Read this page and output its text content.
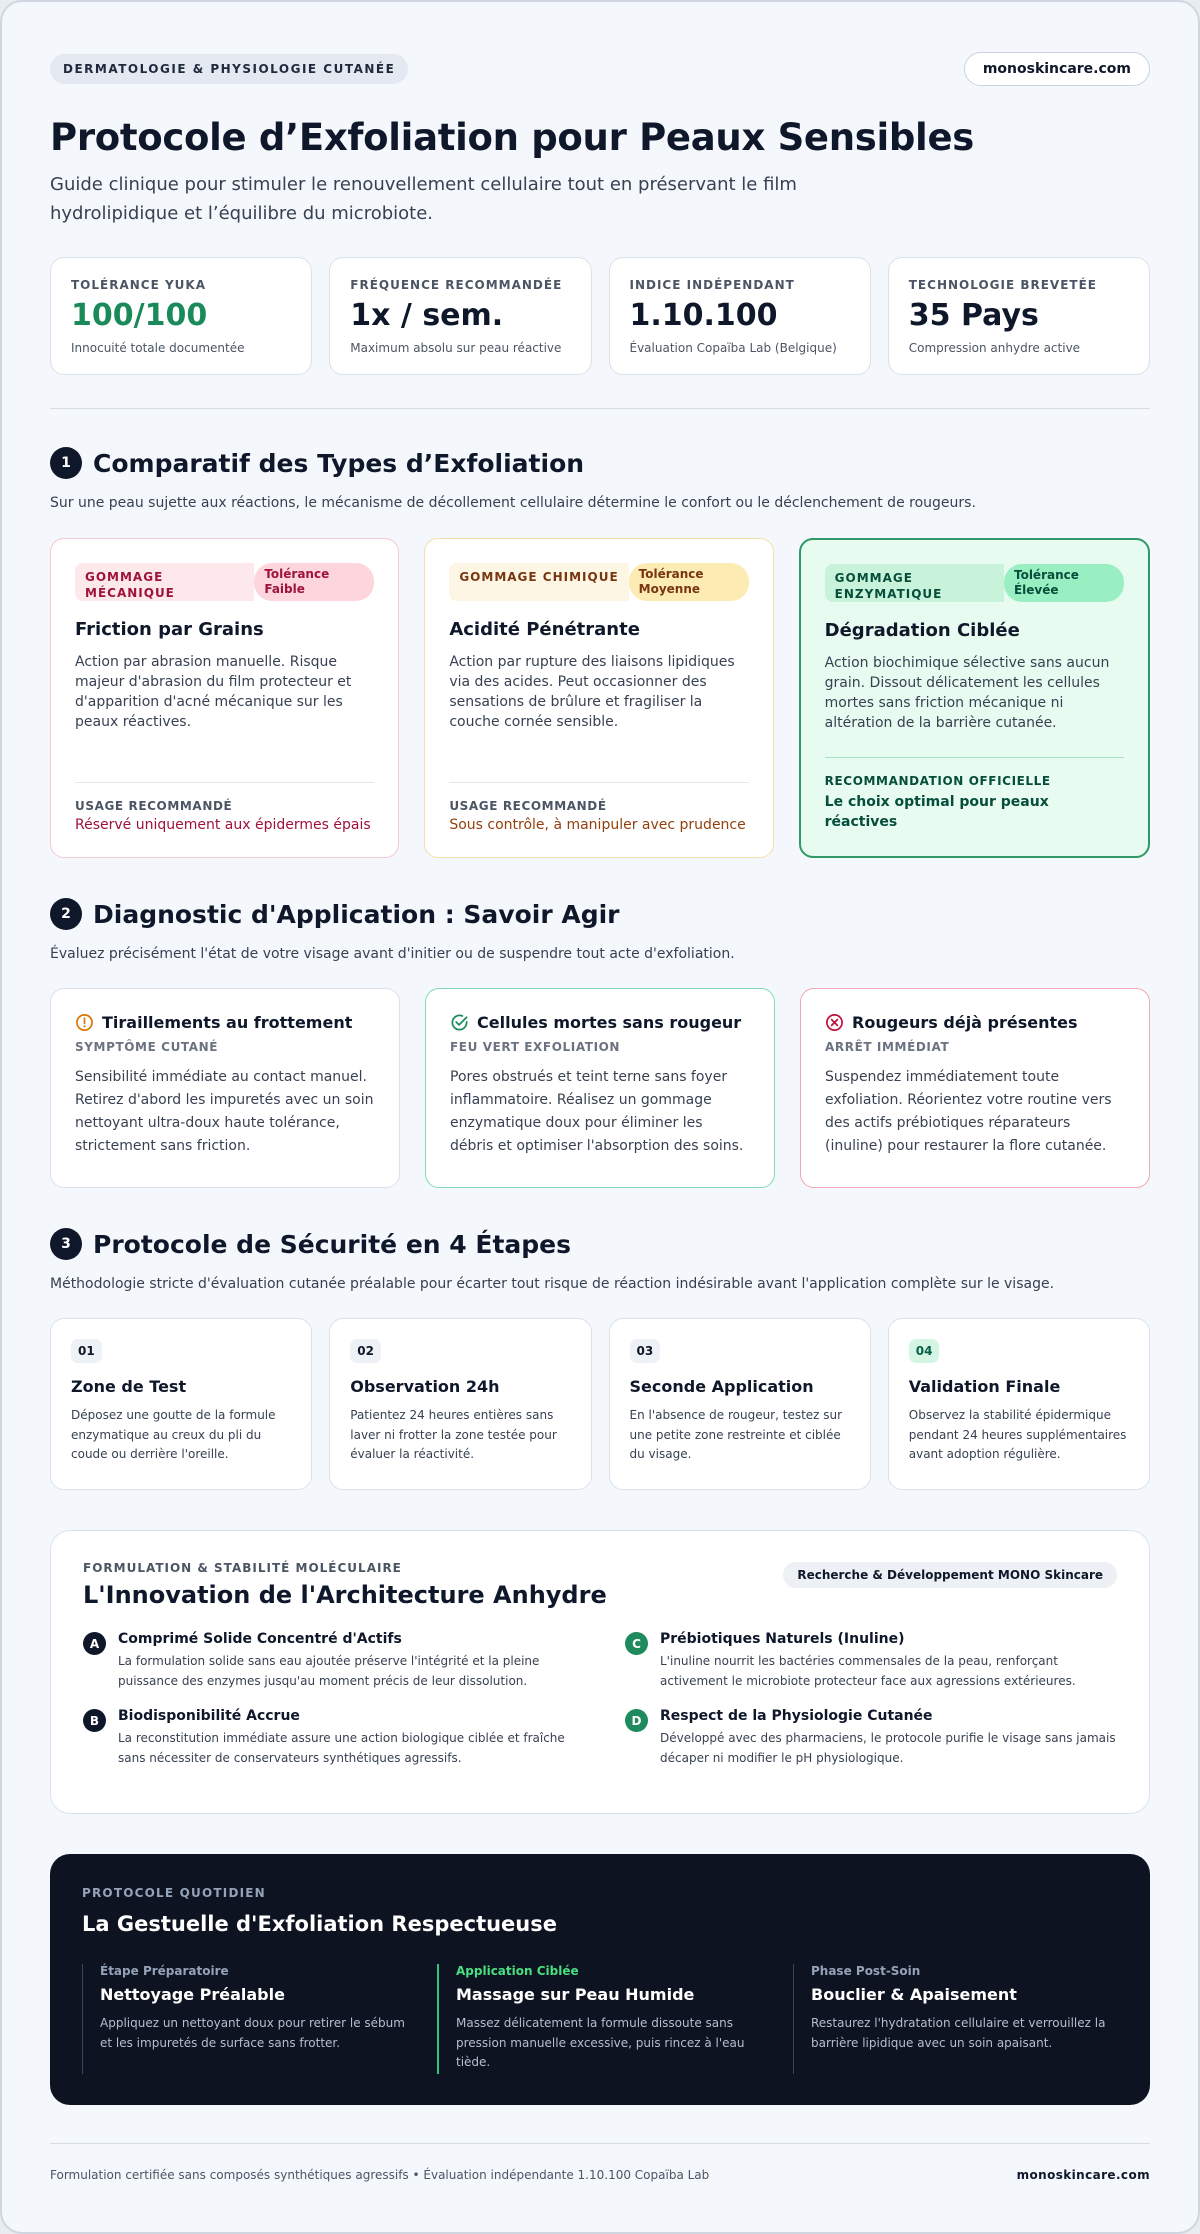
DERMATOLOGIE & PHYSIOLOGIE CUTANÉE	monoskincare.com
Protocole d’Exfoliation pour Peaux Sensibles

Guide clinique pour stimuler le renouvellement cellulaire tout en préservant le film hydrolipidique et l’équilibre du microbiote.

TOLÉRANCE YUKA
100/100
Innocuité totale documentée
FRÉQUENCE RECOMMANDÉE
1x / sem.
Maximum absolu sur peau réactive
INDICE INDÉPENDANT
1.10.100
Évaluation Copaïba Lab (Belgique)
TECHNOLOGIE BREVETÉE
35 Pays
Compression anhydre active
1 Comparatif des Types d’Exfoliation

Sur une peau sujette aux réactions, le mécanisme de décollement cellulaire détermine le confort ou le déclenchement de rougeurs.

GOMMAGE MÉCANIQUE
Tolérance Faible
Friction par Grains

Action par abrasion manuelle. Risque majeur d'abrasion du film protecteur et d'apparition d'acné mécanique sur les peaux réactives.

USAGE RECOMMANDÉ
Réservé uniquement aux épidermes épais
GOMMAGE CHIMIQUE	Tolérance Moyenne
Acidité Pénétrante

Action par rupture des liaisons lipidiques via des acides. Peut occasionner des sensations de brûlure et fragiliser la couche cornée sensible.

USAGE RECOMMANDÉ
Sous contrôle, à manipuler avec prudence
GOMMAGE ENZYMATIQUE
Tolérance Élevée
Dégradation Ciblée

Action biochimique sélective sans aucun grain. Dissout délicatement les cellules mortes sans friction mécanique ni altération de la barrière cutanée.

RECOMMANDATION OFFICIELLE
Le choix optimal pour peaux réactives
2 Diagnostic d'Application : Savoir Agir

Évaluez précisément l'état de votre visage avant d'initier ou de suspendre tout acte d'exfoliation.

Tiraillements au frottement
SYMPTÔME CUTANÉ

Sensibilité immédiate au contact manuel. Retirez d'abord les impuretés avec un soin nettoyant ultra-doux haute tolérance, strictement sans friction.

Cellules mortes sans rougeur
FEU VERT EXFOLIATION

Pores obstrués et teint terne sans foyer inflammatoire. Réalisez un gommage enzymatique doux pour éliminer les débris et optimiser l'absorption des soins.

Rougeurs déjà présentes
ARRÊT IMMÉDIAT

Suspendez immédiatement toute exfoliation. Réorientez votre routine vers des actifs prébiotiques réparateurs (inuline) pour restaurer la flore cutanée.

3 Protocole de Sécurité en 4 Étapes

Méthodologie stricte d'évaluation cutanée préalable pour écarter tout risque de réaction indésirable avant l'application complète sur le visage.

01
Zone de Test

Déposez une goutte de la formule enzymatique au creux du pli du coude ou derrière l'oreille.

02
Observation 24h

Patientez 24 heures entières sans laver ni frotter la zone testée pour évaluer la réactivité.

03
Seconde Application

En l'absence de rougeur, testez sur une petite zone restreinte et ciblée du visage.

04
Validation Finale

Observez la stabilité épidermique pendant 24 heures supplémentaires avant adoption régulière.

FORMULATION & STABILITÉ MOLÉCULAIRE
L'Innovation de l'Architecture Anhydre
Recherche & Développement MONO Skincare
A	Comprimé Solide Concentré d'Actifs

La formulation solide sans eau ajoutée préserve l'intégrité et la pleine puissance des enzymes jusqu'au moment précis de leur dissolution.

C	Prébiotiques Naturels (Inuline)

L'inuline nourrit les bactéries commensales de la peau, renforçant activement le microbiote protecteur face aux agressions extérieures.

B	Biodisponibilité Accrue

La reconstitution immédiate assure une action biologique ciblée et fraîche sans nécessiter de conservateurs synthétiques agressifs.

D	Respect de la Physiologie Cutanée

Développé avec des pharmaciens, le protocole purifie le visage sans jamais décaper ni modifier le pH physiologique.

PROTOCOLE QUOTIDIEN
La Gestuelle d'Exfoliation Respectueuse
Étape Préparatoire
Nettoyage Préalable

Appliquez un nettoyant doux pour retirer le sébum et les impuretés de surface sans frotter.

Application Ciblée
Massage sur Peau Humide

Massez délicatement la formule dissoute sans pression manuelle excessive, puis rincez à l'eau tiède.

Phase Post-Soin
Bouclier & Apaisement

Restaurez l'hydratation cellulaire et verrouillez la barrière lipidique avec un soin apaisant.

Formulation certifiée sans composés synthétiques agressifs • Évaluation indépendante 1.10.100 Copaïba Lab	monoskincare.com
